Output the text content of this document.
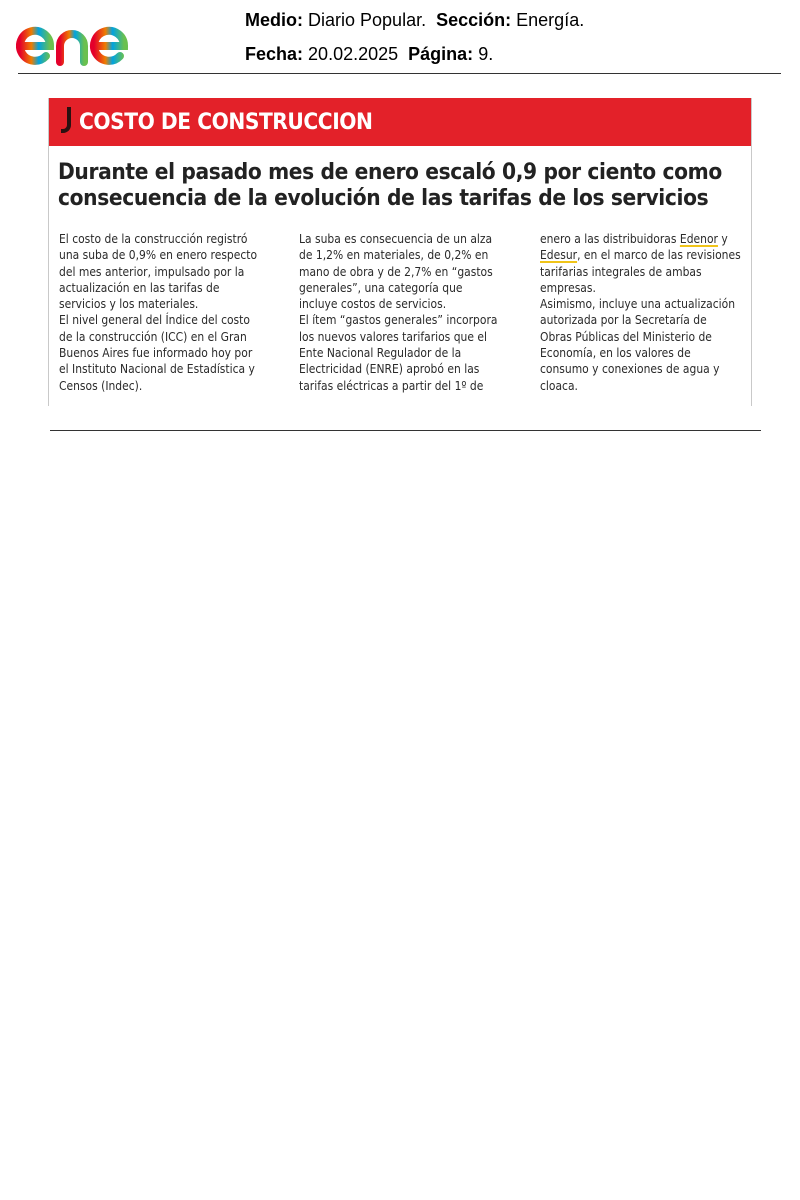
Medio: Diario Popular. Sección: Energía.
Fecha: 20.02.2025 Página: 9.
COSTO DE CONSTRUCCION
Durante el pasado mes de enero escaló 0,9 por ciento como
consecuencia de la evolución de las tarifas de los servicios
El costo de la construcción registró
una suba de 0,9% en enero respecto
del mes anterior, impulsado por la
actualización en las tarifas de
servicios y los materiales.
El nivel general del Índice del costo
de la construcción (ICC) en el Gran
Buenos Aires fue informado hoy por
el Instituto Nacional de Estadística y
Censos (Indec).
La suba es consecuencia de un alza
de 1,2% en materiales, de 0,2% en
mano de obra y de 2,7% en “gastos
generales”, una categoría que
incluye costos de servicios.
El ítem “gastos generales” incorpora
los nuevos valores tarifarios que el
Ente Nacional Regulador de la
Electricidad (ENRE) aprobó en las
tarifas eléctricas a partir del 1º de
enero a las distribuidoras Edenor y
Edesur, en el marco de las revisiones
tarifarias integrales de ambas
empresas.
Asimismo, incluye una actualización
autorizada por la Secretaría de
Obras Públicas del Ministerio de
Economía, en los valores de
consumo y conexiones de agua y
cloaca.
